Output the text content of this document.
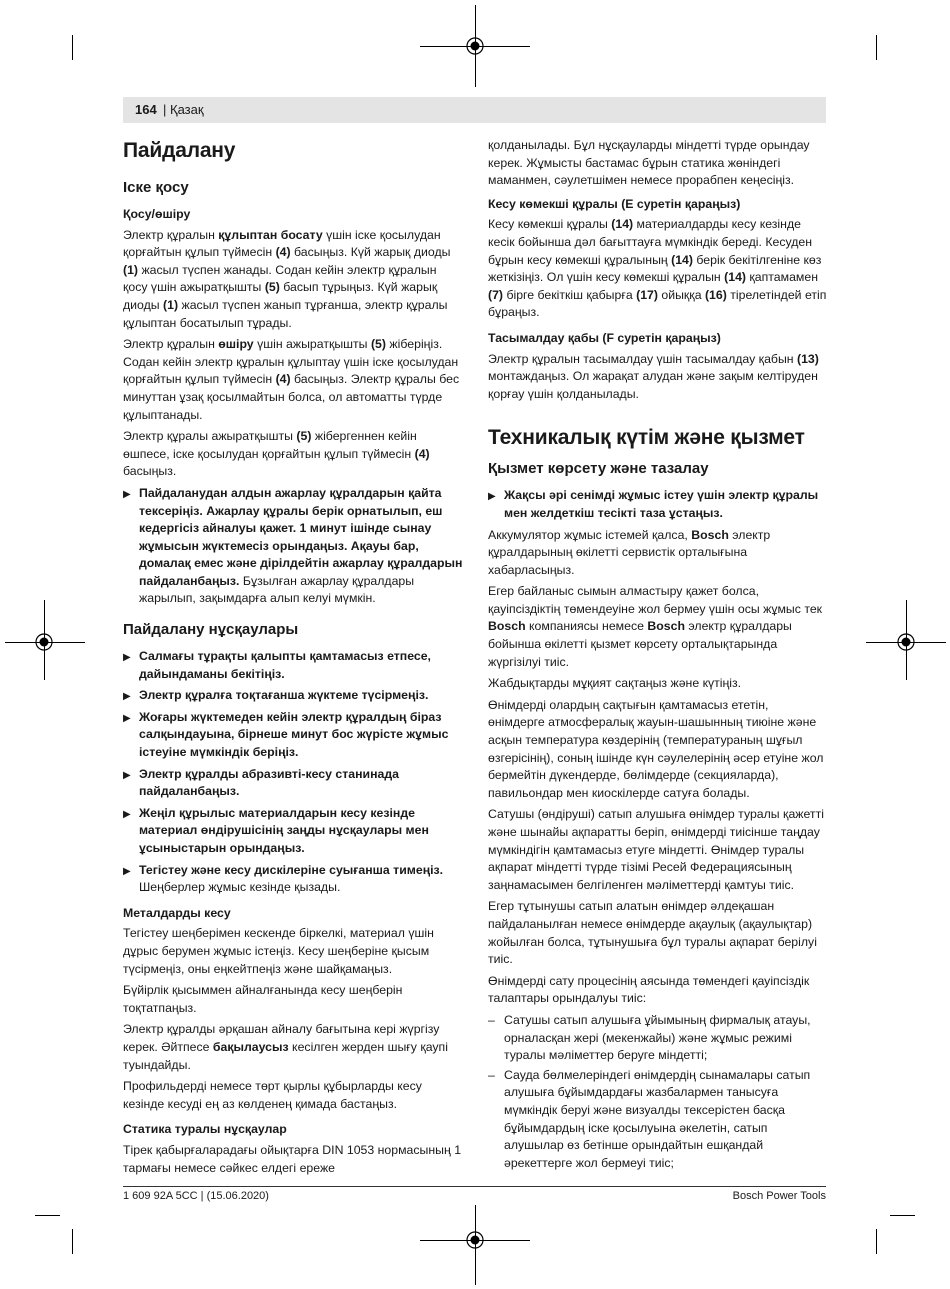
164 | Қазақ
Пайдалану
Іске қосу
Қосу/өшіру

Электр құралын құлыптан босату үшін іске қосылудан қорғайтын құлып түймесін (4) басыңыз. Күй жарық диоды (1) жасыл түспен жанады. Содан кейін электр құралын қосу үшін ажыратқышты (5) басып тұрыңыз. Күй жарық диоды (1) жасыл түспен жанып тұрғанша, электр құралы құлыптан босатылып тұрады.

Электр құралын өшіру үшін ажыратқышты (5) жіберіңіз. Содан кейін электр құралын құлыптау үшін іске қосылудан қорғайтын құлып түймесін (4) басыңыз. Электр құралы бес минуттан ұзақ қосылмайтын болса, ол автоматты түрде құлыптанады.

Электр құралы ажыратқышты (5) жібергеннен кейін өшпесе, іске қосылудан қорғайтын құлып түймесін (4) басыңыз.

▶ Пайдаланудан алдын ажарлау құралдарын қайта тексеріңіз. Ажарлау құралы берік орнатылып, еш кедергісіз айналуы қажет. 1 минут ішінде сынау жұмысын жүктемесіз орындаңыз. Ақауы бар, домалақ емес және дірілдейтін ажарлау құралдарын пайдаланбаңыз. Бұзылған ажарлау құралдары жарылып, зақымдарға алып келуі мүмкін.
Пайдалану нұсқаулары
▶ Салмағы тұрақты қалыпты қамтамасыз етпесе, дайындаманы бекітіңіз.
▶ Электр құралға тоқтағанша жүктеме түсірмеңіз.
▶ Жоғары жүктемеден кейін электр құралдың біраз салқындауына, бірнеше минут бос жүрісте жұмыс істеуіне мүмкіндік беріңіз.
▶ Электр құралды абразивті-кесу станинада пайдаланбаңыз.
▶ Жеңіл құрылыс материалдарын кесу кезінде материал өндірушісінің заңды нұсқаулары мен ұсыныстарын орындаңыз.
▶ Тегістеу және кесу дискілеріне суығанша тимеңіз. Шеңберлер жұмыс кезінде қызады.
Металдарды кесу

Тегістеу шеңберімен кескенде біркелкі, материал үшін дұрыс берумен жұмыс істеңіз. Кесу шеңберіне қысым түсірмеңіз, оны еңкейтпеңіз және шайқамаңыз.

Бүйірлік қысыммен айналғанында кесу шеңберін тоқтатпаңыз.

Электр құралды әрқашан айналу бағытына кері жүргізу керек. Әйтпесе бақылаусыз кесілген жерден шығу қаупі туындайды.

Профильдерді немесе төрт қырлы құбырларды кесу кезінде кесуді ең аз көлденең қимада бастаңыз.

Статика туралы нұсқаулар

Тірек қабырғаларадағы ойықтарға DIN 1053 нормасының 1 тармағы немесе сәйкес елдегі ереже

қолданылады. Бұл нұсқауларды міндетті түрде орындау керек. Жұмысты бастамас бұрын статика жөніндегі маманмен, сәулетшімен немесе прорабпен кеңесіңіз.

Кесу көмекші құралы (E суретін қараңыз)

Кесу көмекші құралы (14) материалдарды кесу кезінде кесік бойынша дәл бағыттауға мүмкіндік береді. Кесуден бұрын кесу көмекші құралының (14) берік бекітілгеніне көз жеткізіңіз. Ол үшін кесу көмекші құралын (14) қаптамамен (7) бірге бекіткіш қабырға (17) ойыққа (16) тірелетіндей етіп бұраңыз.

Тасымалдау қабы (F суретін қараңыз)

Электр құралын тасымалдау үшін тасымалдау қабын (13) монтаждаңыз. Ол жарақат алудан және зақым келтіруден қорғау үшін қолданылады.

Техникалық күтім және қызмет
Қызмет көрсету және тазалау
▶ Жақсы әрі сенімді жұмыс істеу үшін электр құралы мен желдеткіш тесікті таза ұстаңыз.

Аккумулятор жұмыс істемей қалса, Bosch электр құралдарының өкілетті сервистік орталығына хабарласыңыз.

Егер байланыс сымын алмастыру қажет болса, қауіпсіздіктің төмендеуіне жол бермеу үшін осы жұмыс тек Bosch компаниясы немесе Bosch электр құралдары бойынша өкілетті қызмет көрсету орталықтарында жүргізілуі тиіс.

Жабдықтарды мұқият сақтаңыз және күтіңіз.

Өнімдерді олардың сақтығын қамтамасыз ететін, өнімдерге атмосфералық жауын-шашынның тиюіне және асқын температура көздерінің (температураның шұғыл өзгерісінің), соның ішінде күн сәулелерінің әсер етуіне жол бермейтін дүкендерде, бөлімдерде (секцияларда), павильондар мен киоскілерде сатуға болады.

Сатушы (өндіруші) сатып алушыға өнімдер туралы қажетті және шынайы ақпаратты беріп, өнімдерді тиісінше таңдау мүмкіндігін қамтамасыз етуге міндетті. Өнімдер туралы ақпарат міндетті түрде тізімі Ресей Федерациясының заңнамасымен белгіленген мәліметтерді қамтуы тиіс.

Егер тұтынушы сатып алатын өнімдер әлдеқашан пайдаланылған немесе өнімдерде ақаулық (ақаулықтар) жойылған болса, тұтынушыға бұл туралы ақпарат берілуі тиіс.

Өнімдерді сату процесінің аясында төмендегі қауіпсіздік талаптары орындалуы тиіс:

– Сатушы сатып алушыға ұйымының фирмалық атауы, орналасқан жері (мекенжайы) және жұмыс режимі туралы мәліметтер беруге міндетті;
– Сауда бөлмелеріндегі өнімдердің сынамалары сатып алушыға бұйымдардағы жазбалармен танысуға мүмкіндік беруі және визуалды тексерістен басқа бұйымдардың іске қосылуына әкелетін, сатып алушылар өз бетінше орындайтын ешқандай әрекеттерге жол бермеуі тиіс;
1 609 92A 5CC | (15.06.2020)	Bosch Power Tools
